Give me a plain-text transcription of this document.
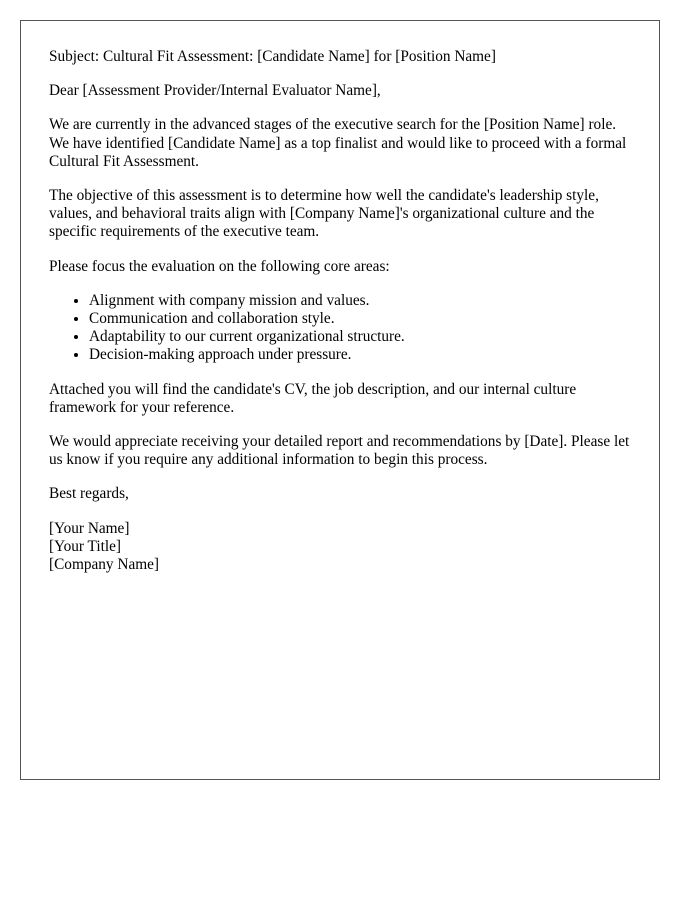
Subject: Cultural Fit Assessment: [Candidate Name] for [Position Name]

Dear [Assessment Provider/Internal Evaluator Name],

We are currently in the advanced stages of the executive search for the [Position Name] role. We have identified [Candidate Name] as a top finalist and would like to proceed with a formal Cultural Fit Assessment.

The objective of this assessment is to determine how well the candidate's leadership style, values, and behavioral traits align with [Company Name]'s organizational culture and the specific requirements of the executive team.

Please focus the evaluation on the following core areas:

• Alignment with company mission and values.
• Communication and collaboration style.
• Adaptability to our current organizational structure.
• Decision-making approach under pressure.

Attached you will find the candidate's CV, the job description, and our internal culture framework for your reference.

We would appreciate receiving your detailed report and recommendations by [Date]. Please let us know if you require any additional information to begin this process.

Best regards,

[Your Name]
[Your Title]
[Company Name]
